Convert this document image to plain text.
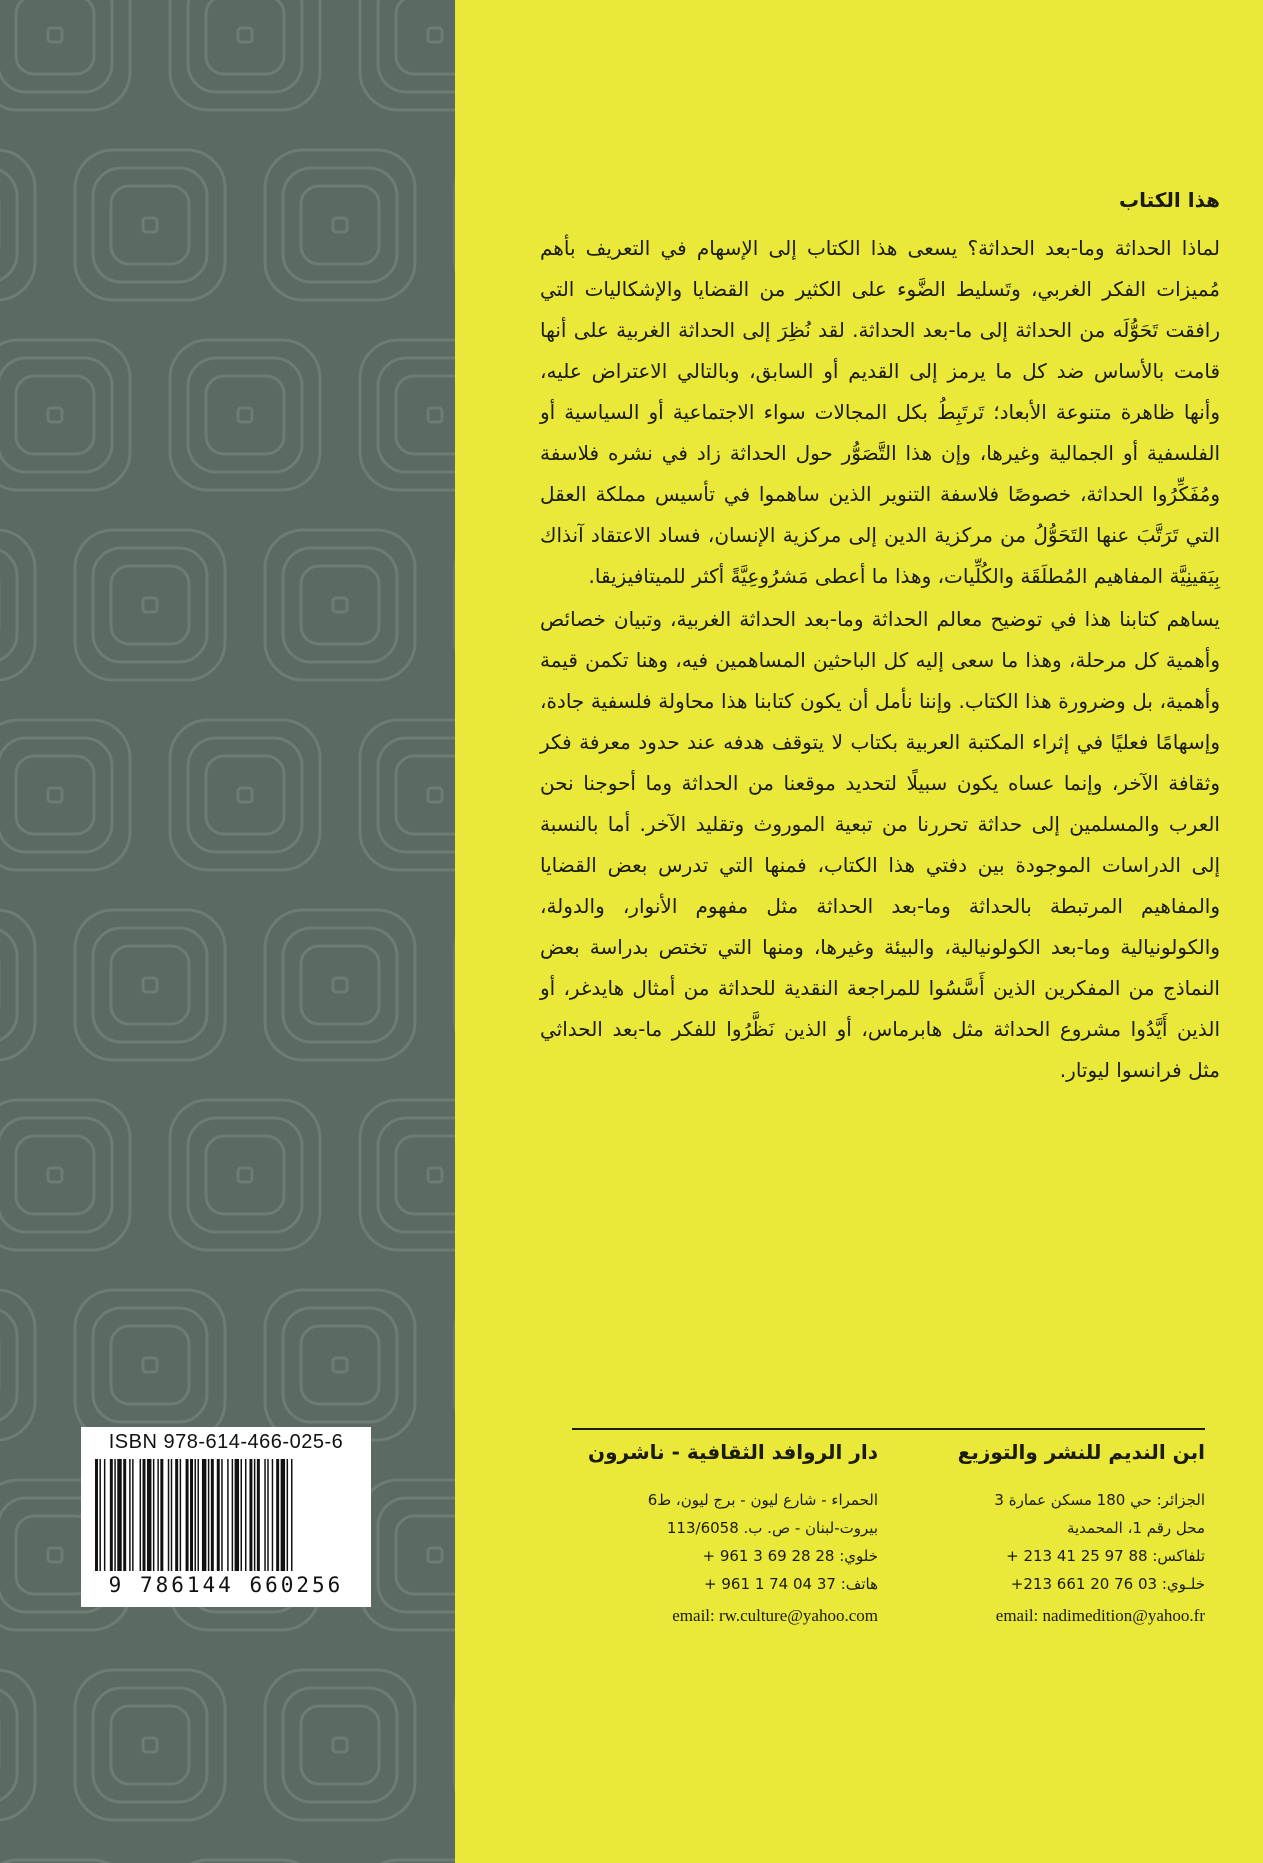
هذا الكتاب

لماذا الحداثة وما-بعد الحداثة؟ يسعى هذا الكتاب إلى الإسهام في التعريف بأهم مُميزات الفكر الغربي، وتَسليط الضَّوء على الكثير من القضايا والإشكاليات التي رافقت تَحَوُّلَه من الحداثة إلى ما-بعد الحداثة. لقد نُظِرَ إلى الحداثة الغربية على أنها قامت بالأساس ضد كل ما يرمز إلى القديم أو السابق، وبالتالي الاعتراض عليه، وأنها ظاهرة متنوعة الأبعاد؛ تَرتَبِطُ بكل المجالات سواء الاجتماعية أو السياسية أو الفلسفية أو الجمالية وغيرها، وإن هذا التَّصَوُّر حول الحداثة زاد في نشره فلاسفة ومُفَكِّرُوا الحداثة، خصوصًا فلاسفة التنوير الذين ساهموا في تأسيس مملكة العقل التي تَرَتَّبَ عنها التَحَوُّلُ من مركزية الدين إلى مركزية الإنسان، فساد الاعتقاد آنذاك بِيَقينِيَّة المفاهيم المُطلَقَة والكُلِّيات، وهذا ما أعطى مَشرُوعِيَّةً أكثر للميتافيزيقا.

يساهم كتابنا هذا في توضيح معالم الحداثة وما-بعد الحداثة الغربية، وتبيان خصائص وأهمية كل مرحلة، وهذا ما سعى إليه كل الباحثين المساهمين فيه، وهنا تكمن قيمة وأهمية، بل وضرورة هذا الكتاب. وإننا نأمل أن يكون كتابنا هذا محاولة فلسفية جادة، وإسهامًا فعليًا في إثراء المكتبة العربية بكتاب لا يتوقف هدفه عند حدود معرفة فكر وثقافة الآخر، وإنما عساه يكون سبيلًا لتحديد موقعنا من الحداثة وما أحوجنا نحن العرب والمسلمين إلى حداثة تحررنا من تبعية الموروث وتقليد الآخر. أما بالنسبة إلى الدراسات الموجودة بين دفتي هذا الكتاب، فمنها التي تدرس بعض القضايا والمفاهيم المرتبطة بالحداثة وما-بعد الحداثة مثل مفهوم الأنوار، والدولة، والكولونيالية وما-بعد الكولونيالية، والبيئة وغيرها، ومنها التي تختص بدراسة بعض النماذج من المفكرين الذين أَسَّسُوا للمراجعة النقدية للحداثة من أمثال هايدغر، أو الذين أَيَّدُوا مشروع الحداثة مثل هابرماس، أو الذين نَظَّرُوا للفكر ما-بعد الحداثي مثل فرانسوا ليوتار.

ابن النديم للنشر والتوزيع

الجزائر: حي 180 مسكن عمارة 3

محل رقم 1، المحمدية

تلفاكس: 88 97 25 41 213 +

خلـوي: 03 76 20 661 213+

email: nadimedition@yahoo.fr

دار الروافد الثقافية - ناشرون

الحمراء - شارع ليون - برج ليون، ط6

بيروت-لبنان - ص. ب. 113/6058

خلوي: 28 28 69 3 961 +

هاتف: 37 04 74 1 961 +

email: rw.culture@yahoo.com

ISBN 978-614-466-025-6
9 786144 660256
